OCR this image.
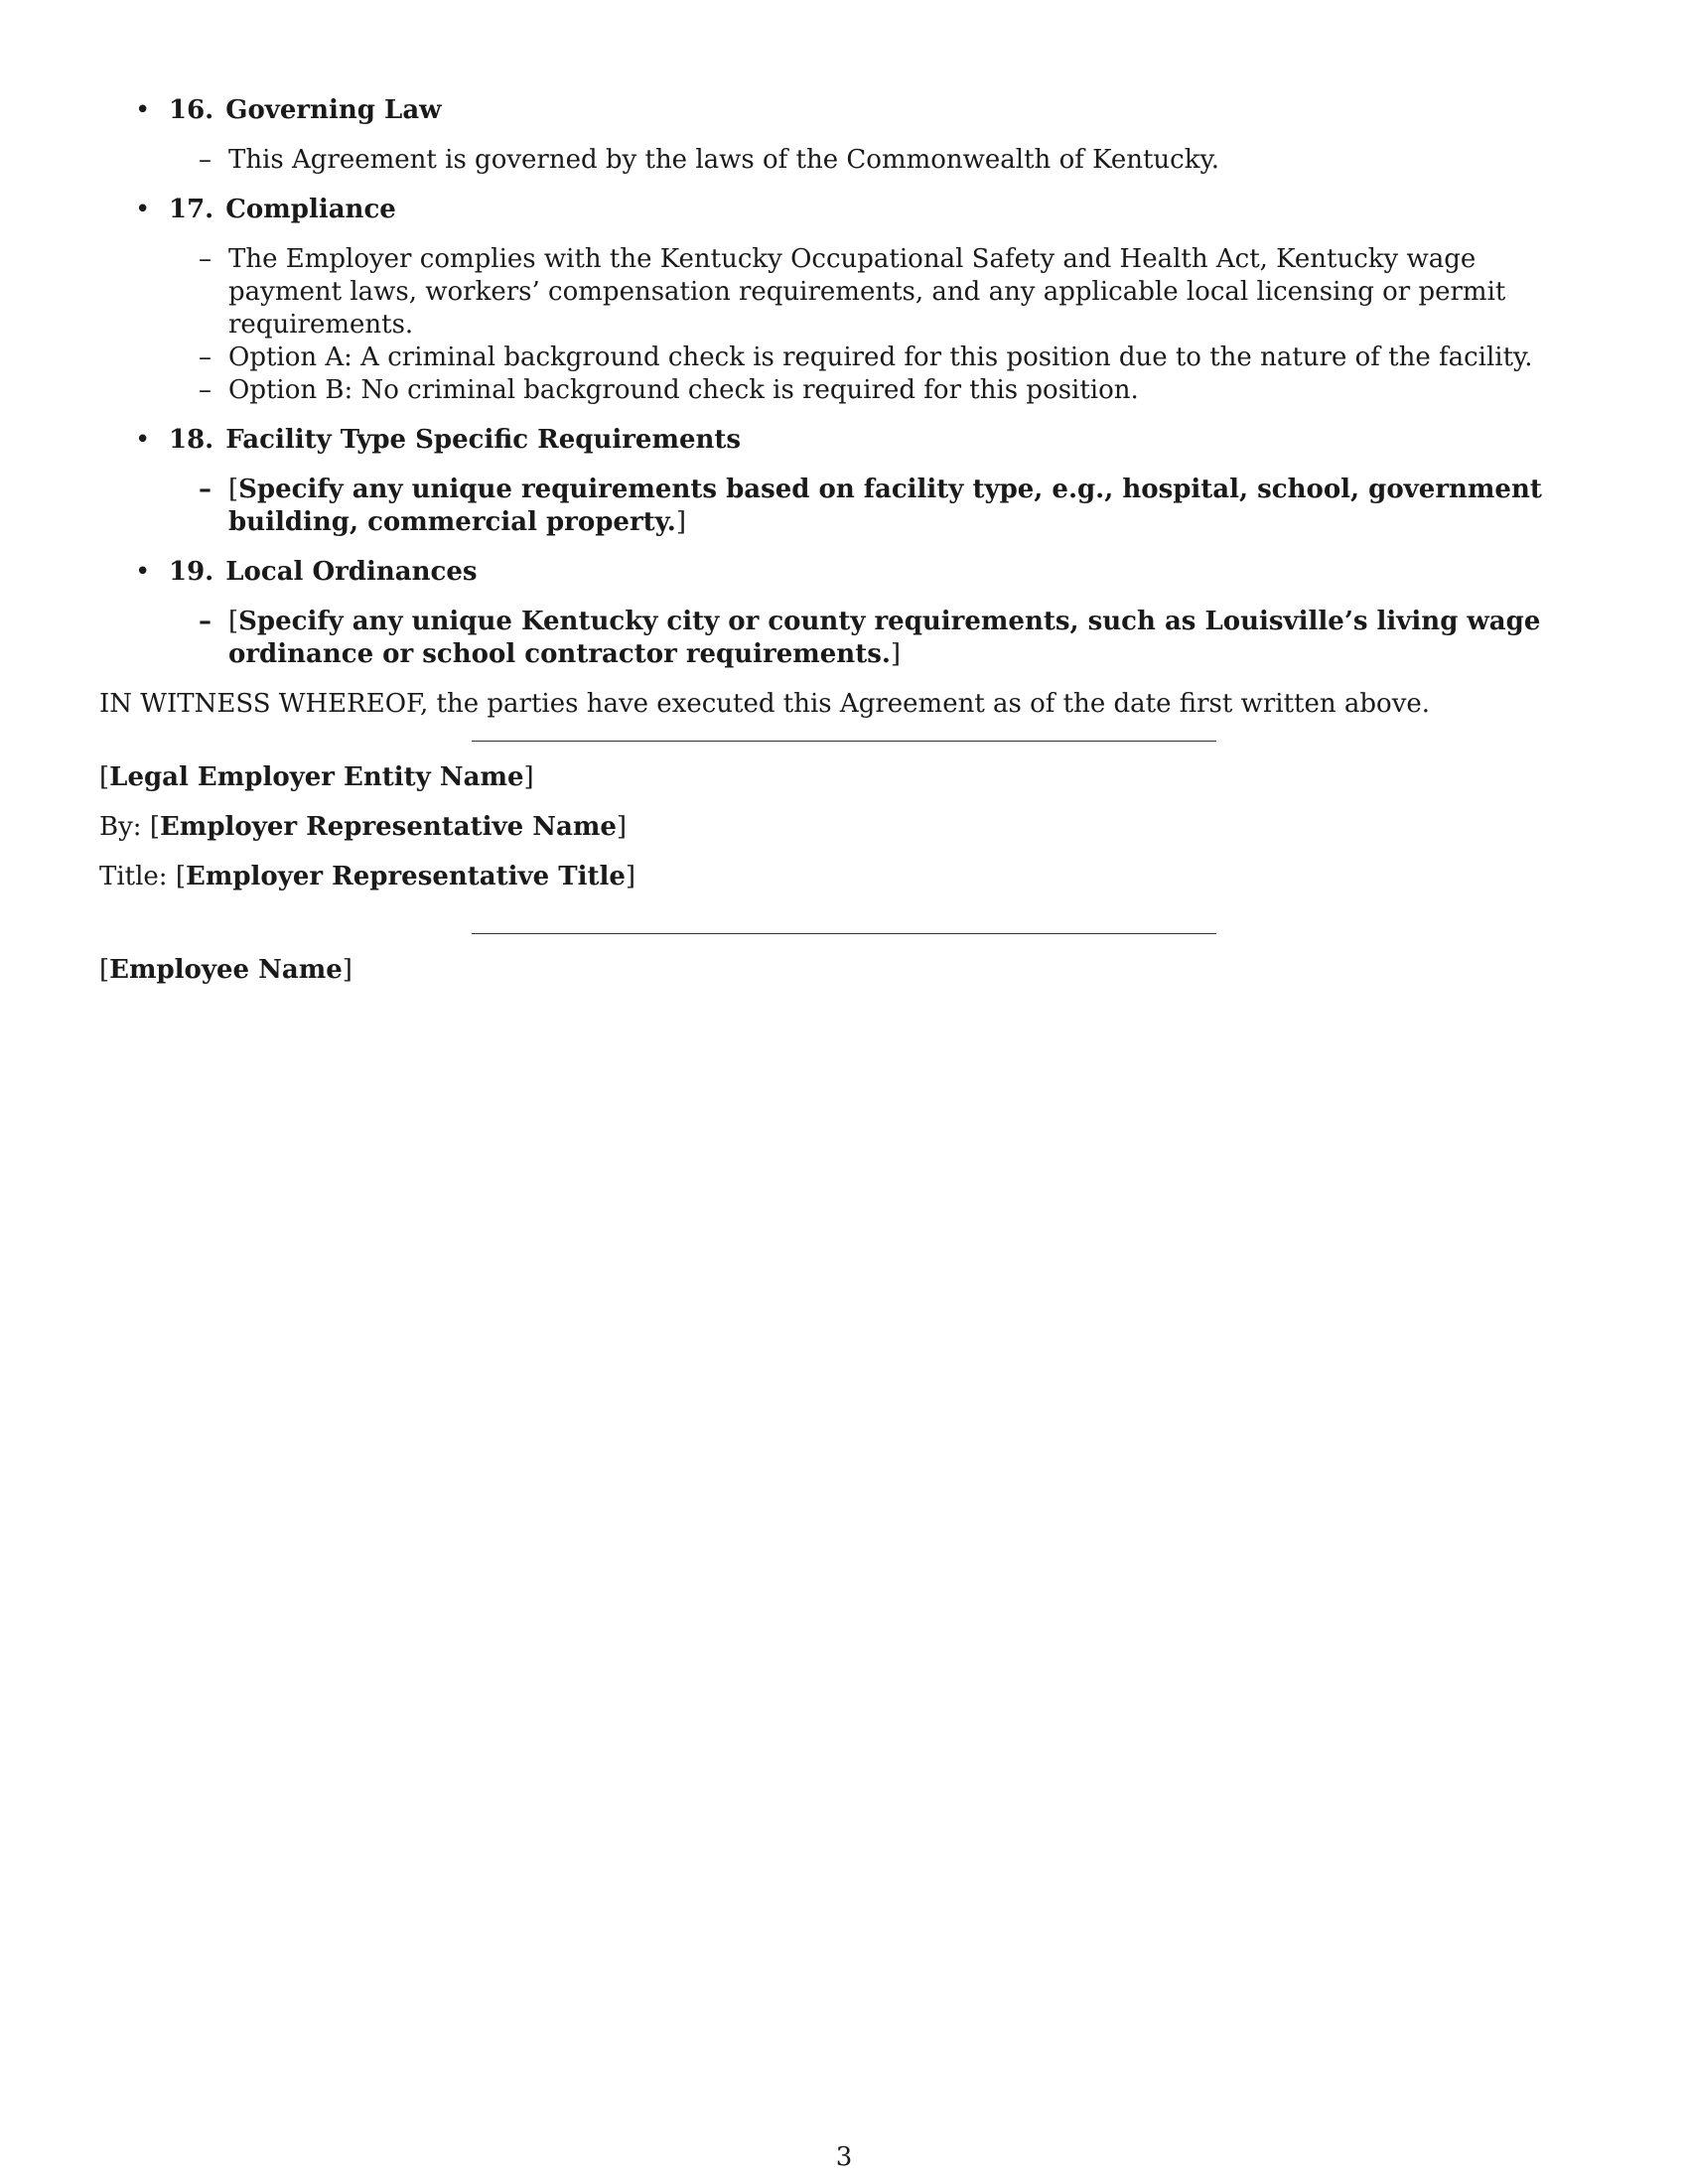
• 16. Governing Law
– This Agreement is governed by the laws of the Commonwealth of Kentucky.
• 17. Compliance
– The Employer complies with the Kentucky Occupational Safety and Health Act, Kentucky wage payment laws, workers’ compensation requirements, and any applicable local licensing or permit requirements.
– Option A: A criminal background check is required for this position due to the nature of the facility.
– Option B: No criminal background check is required for this position.
• 18. Facility Type Specific Requirements
– [Specify any unique requirements based on facility type, e.g., hospital, school, government building, commercial property.]
• 19. Local Ordinances
– [Specify any unique Kentucky city or county requirements, such as Louisville’s living wage ordinance or school contractor requirements.]
IN WITNESS WHEREOF, the parties have executed this Agreement as of the date first written above.
[Legal Employer Entity Name]
By: [Employer Representative Name]
Title: [Employer Representative Title]
[Employee Name]
3
